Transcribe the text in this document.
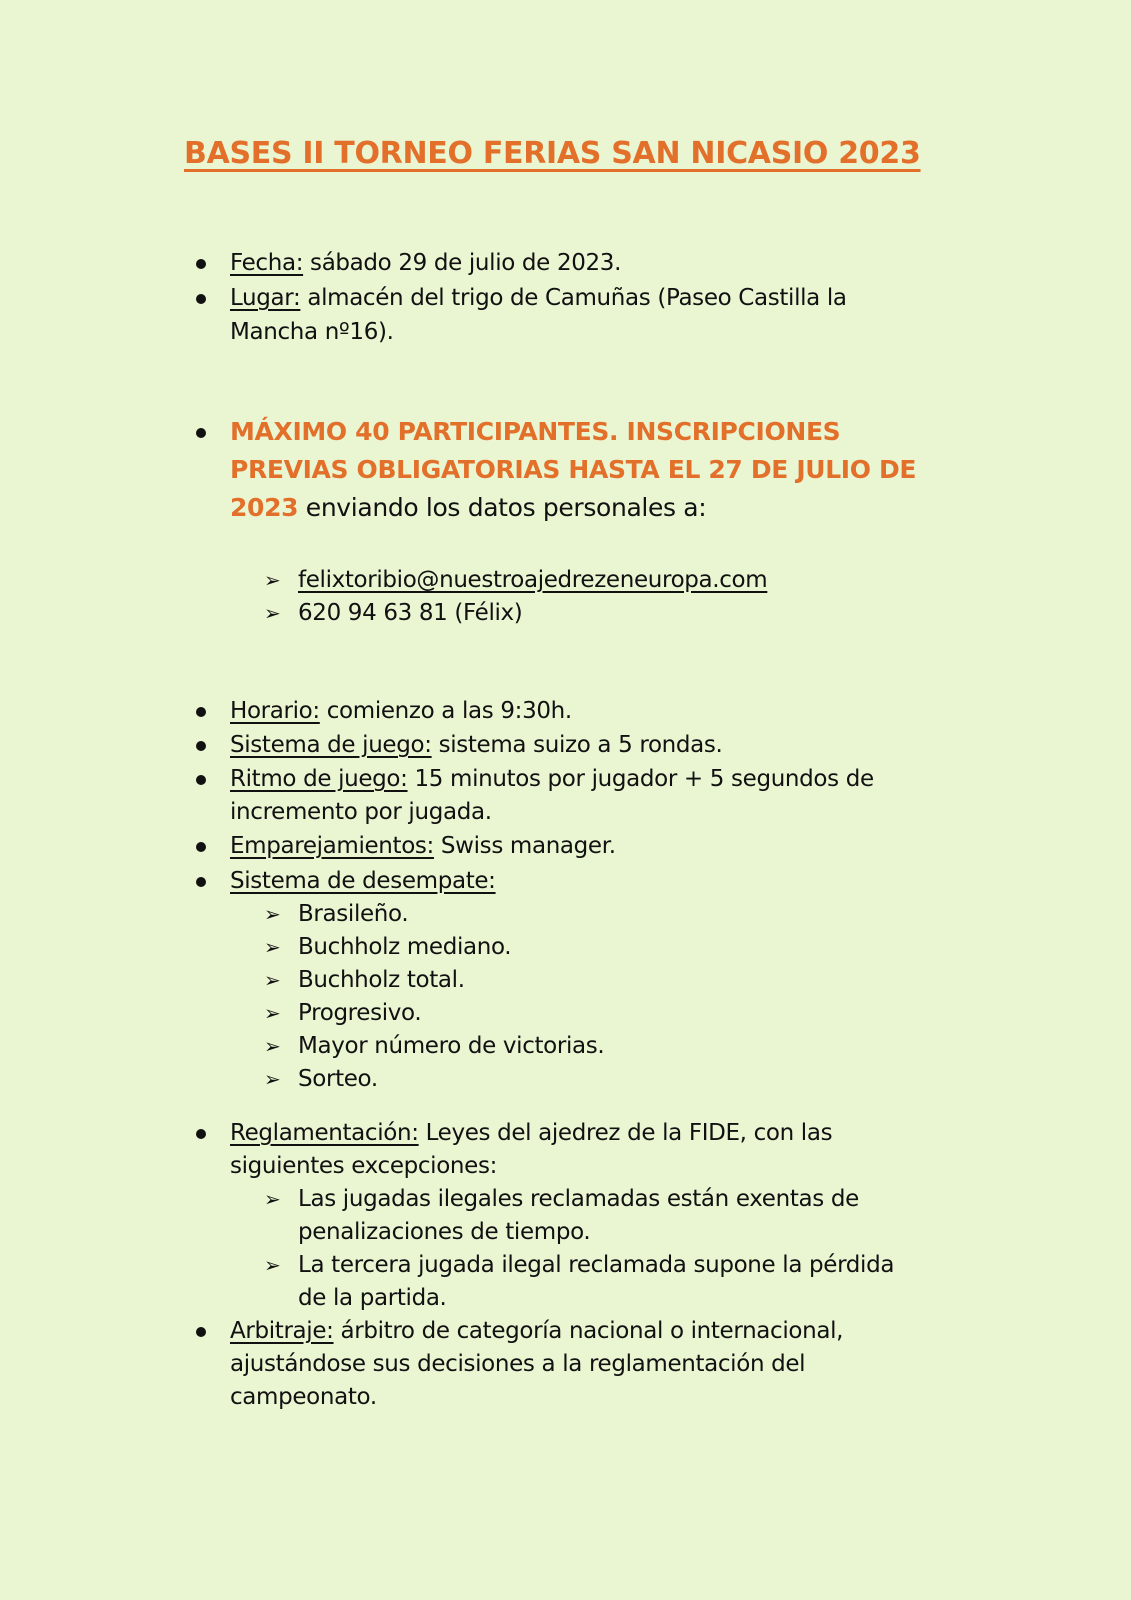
BASES II TORNEO FERIAS SAN NICASIO 2023
Fecha: sábado 29 de julio de 2023.
Lugar: almacén del trigo de Camuñas (Paseo Castilla la
Mancha nº16).
MÁXIMO 40 PARTICIPANTES. INSCRIPCIONES
PREVIAS OBLIGATORIAS HASTA EL 27 DE JULIO DE
2023 enviando los datos personales a:
➢ felixtoribio@nuestroajedrezeneuropa.com
➢ 620 94 63 81 (Félix)
Horario: comienzo a las 9:30h.
Sistema de juego: sistema suizo a 5 rondas.
Ritmo de juego: 15 minutos por jugador + 5 segundos de
incremento por jugada.
Emparejamientos: Swiss manager.
Sistema de desempate:
➢ Brasileño.
➢ Buchholz mediano.
➢ Buchholz total.
➢ Progresivo.
➢ Mayor número de victorias.
➢ Sorteo.
Reglamentación: Leyes del ajedrez de la FIDE, con las
siguientes excepciones:
➢ Las jugadas ilegales reclamadas están exentas de
penalizaciones de tiempo.
➢ La tercera jugada ilegal reclamada supone la pérdida
de la partida.
Arbitraje: árbitro de categoría nacional o internacional,
ajustándose sus decisiones a la reglamentación del
campeonato.
